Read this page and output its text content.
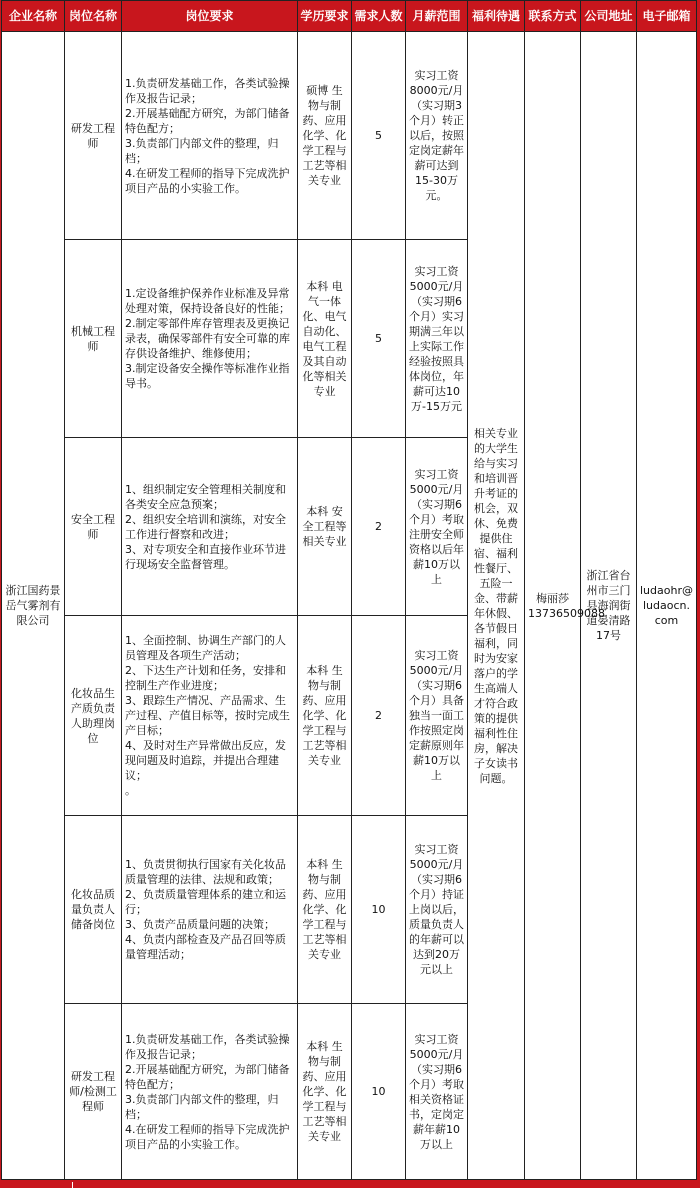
企业名称	岗位名称	岗位要求	学历要求	需求人数	月薪范围	福利待遇	联系方式	公司地址	电子邮箱
浙江国药景岳气雾剂有限公司	研发工程师	1.负责研发基础工作，各类试验操作及报告记录；
2.开展基础配方研究，为部门储备特色配方；
3.负责部门内部文件的整理，归档；
4.在研发工程师的指导下完成洗护项目产品的小实验工作。	硕博 生物与制药、应用化学、化学工程与工艺等相关专业	5	实习工资8000元/月（实习期3个月）转正以后，按照定岗定薪年薪可达到15-30万元。	相关专业的大学生给与实习和培训晋升考证的机会，双休、免费提供住宿、福利性餐厅、五险一金、带薪年休假、各节假日福利，同时为安家落户的学生高端人才符合政策的提供福利性住房，解决子女读书问题。	梅丽莎 13736509088	浙江省台州市三门县海润街道晏清路17号	ludaohr@ludaocn.com
	机械工程师	1.定设备维护保养作业标准及异常处理对策，保持设备良好的性能；
2.制定零部件库存管理表及更换记录表，确保零部件有安全可靠的库存供设备维护、维修使用；
3.制定设备安全操作等标准作业指导书。	本科 电气一体化、电气自动化、电气工程及其自动化等相关专业	5	实习工资5000元/月（实习期6个月）实习期满三年以上实际工作经验按照具体岗位，年薪可达10万-15万元				
	安全工程师	1、组织制定安全管理相关制度和各类安全应急预案；
2、组织安全培训和演练，对安全工作进行督察和改进；
3、对专项安全和直接作业环节进行现场安全监督管理。	本科 安全工程等相关专业	2	实习工资5000元/月（实习期6个月）考取注册安全师资格以后年薪10万以上				
	化妆品生产质负责人助理岗位	1、全面控制、协调生产部门的人员管理及各项生产活动；
2、下达生产计划和任务，安排和控制生产作业进度；
3、跟踪生产情况、产品需求、生产过程、产值目标等，按时完成生产目标；
4、及时对生产异常做出反应，发现问题及时追踪，并提出合理建议；
。	本科 生物与制药、应用化学、化学工程与工艺等相关专业	2	实习工资5000元/月（实习期6个月）具备独当一面工作按照定岗定薪原则年薪10万以上				
	化妆品质量负责人储备岗位	1、负责贯彻执行国家有关化妆品质量管理的法律、法规和政策；
2、负责质量管理体系的建立和运行；
3、负责产品质量问题的决策；
4、负责内部检查及产品召回等质量管理活动；	本科 生物与制药、应用化学、化学工程与工艺等相关专业	10	实习工资5000元/月（实习期6个月）持证上岗以后，质量负责人的年薪可以达到20万元以上				
	研发工程师/检测工程师	1.负责研发基础工作，各类试验操作及报告记录；
2.开展基础配方研究，为部门储备特色配方；
3.负责部门内部文件的整理，归档；
4.在研发工程师的指导下完成洗护项目产品的小实验工作。	本科 生物与制药、应用化学、化学工程与工艺等相关专业	10	实习工资5000元/月（实习期6个月）考取相关资格证书，定岗定薪年薪10万以上				
